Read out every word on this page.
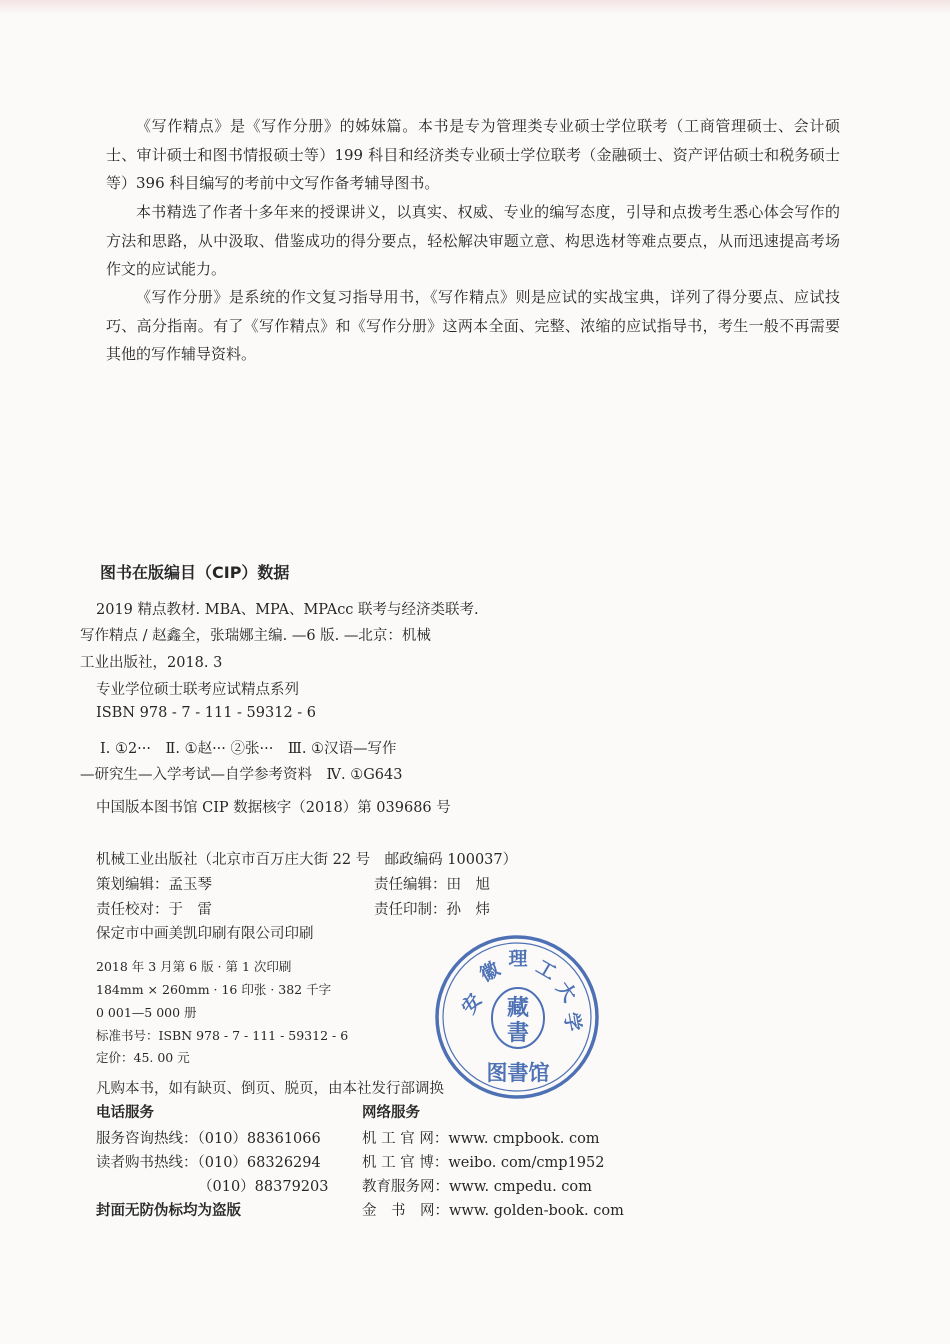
《写作精点》是《写作分册》的姊妹篇。本书是专为管理类专业硕士学位联考（工商管理硕士、会计硕士、审计硕士和图书情报硕士等）199 科目和经济类专业硕士学位联考（金融硕士、资产评估硕士和税务硕士等）396 科目编写的考前中文写作备考辅导图书。

本书精选了作者十多年来的授课讲义，以真实、权威、专业的编写态度，引导和点拨考生悉心体会写作的方法和思路，从中汲取、借鉴成功的得分要点，轻松解决审题立意、构思选材等难点要点，从而迅速提高考场作文的应试能力。

《写作分册》是系统的作文复习指导用书，《写作精点》则是应试的实战宝典，详列了得分要点、应试技巧、高分指南。有了《写作精点》和《写作分册》这两本全面、完整、浓缩的应试指导书，考生一般不再需要其他的写作辅导资料。

图书在版编目（CIP）数据
2019 精点教材. MBA、MPA、MPAcc 联考与经济类联考.
写作精点 / 赵鑫全，张瑞娜主编. —6 版. —北京：机械
工业出版社，2018. 3
专业学位硕士联考应试精点系列
ISBN 978 - 7 - 111 - 59312 - 6
Ⅰ. ①2···　Ⅱ. ①赵··· ②张···　Ⅲ. ①汉语—写作
—研究生—入学考试—自学参考资料　Ⅳ. ①G643
中国版本图书馆 CIP 数据核字（2018）第 039686 号
机械工业出版社（北京市百万庄大街 22 号　邮政编码 100037）
策划编辑：孟玉琴	责任编辑：田　旭
责任校对：于　雷	责任印制：孙　炜
保定市中画美凯印刷有限公司印刷
2018 年 3 月第 6 版 · 第 1 次印刷
184mm × 260mm · 16 印张 · 382 千字
0 001—5 000 册
标准书号：ISBN 978 - 7 - 111 - 59312 - 6
定价：45. 00 元
凡购本书，如有缺页、倒页、脱页，由本社发行部调换
电话服务	网络服务
服务咨询热线：（010）88361066	机 工 官 网：www. cmpbook. com
读者购书热线：（010）68326294	机 工 官 博：weibo. com/cmp1952
（010）88379203 教育服务网：www. cmpedu. com
封面无防伪标均为盗版	金　书　网：www. golden-book. com
安
徽 理 工
大
学
藏
書
图書馆
